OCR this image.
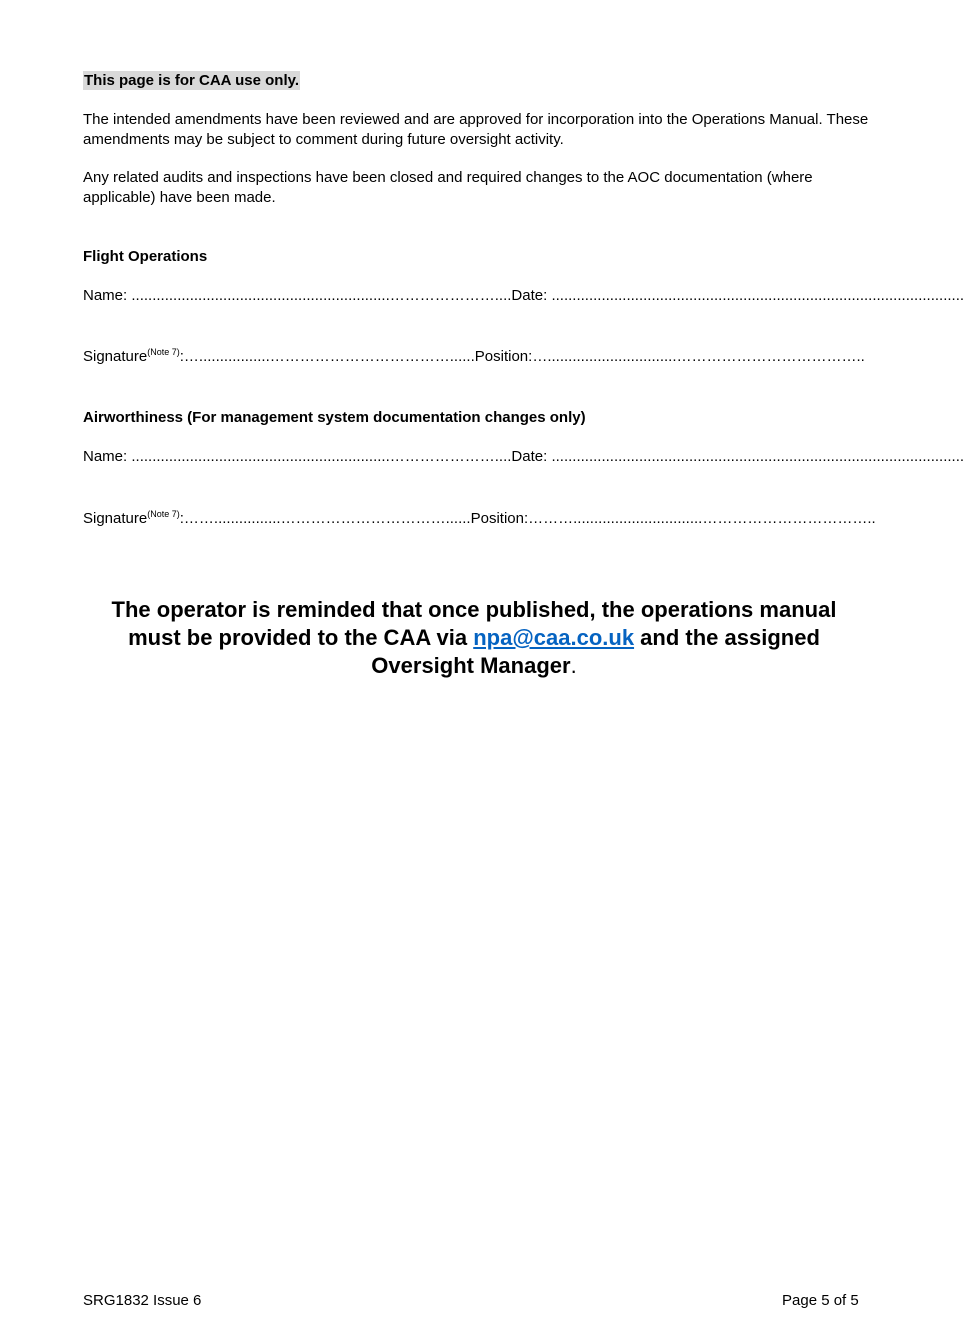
This page is for CAA use only.

The intended amendments have been reviewed and are approved for incorporation into the Operations Manual. These amendments may be subject to comment during future oversight activity.

Any related audits and inspections have been closed and required changes to the AOC documentation (where applicable) have been made.

Flight Operations
Name: ..............................................................…………………....Date: ...................................................................................................
Signature$^{(Note 7)}$:….................………………………………......Position:…...............................………………………………..
Airworthiness (For management system documentation changes only)
Name: ..............................................................…………………....Date: ...................................................................................................
Signature$^{(Note 7)}$:……................……………………………......Position:………...............................……………………………..
The operator is reminded that once published, the operations manual must be provided to the CAA via npa@caa.co.uk and the assigned Oversight Manager.
SRG1832 Issue 6	Page 5 of 5
